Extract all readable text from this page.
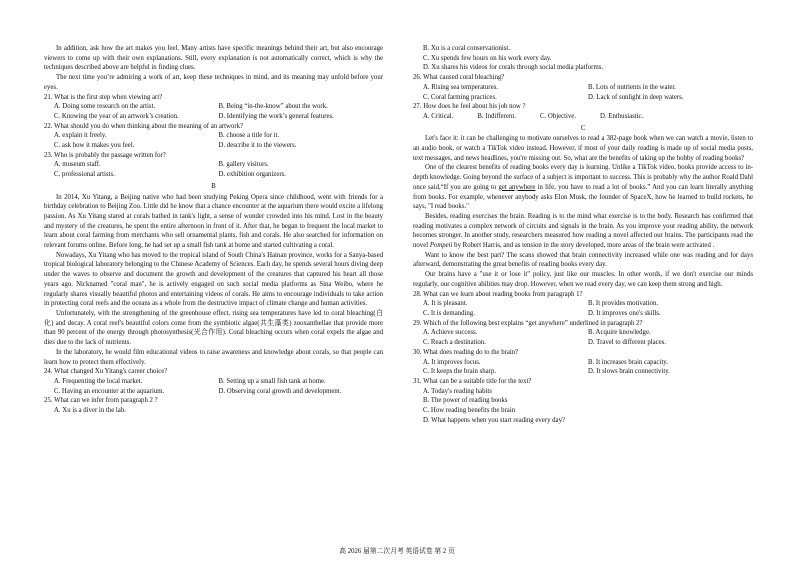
In addition, ask how the art makes you feel. Many artists have specific meanings behind their art, but also encourage viewers to come up with their own explanations. Still, every explanation is not automatically correct, which is why the techniques described above are helpful in finding clues.

The next time you’re admiring a work of art, keep these techniques in mind, and its meaning may unfold before your eyes.

21. What is the first step when viewing art?

A. Doing some research on the artist.	B. Being “in-the-know” about the work.
C. Knowing the year of an artwork’s creation.	D. Identifying the work’s general features.

22. What should you do when thinking about the meaning of an artwork?

A. explain it freely.	B. choose a title for it.
C. ask how it makes you feel.	D. describe it to the viewers.

23. Who is probably the passage written for?

A. museum staff.	B. gallery visitors.
C. professional artists.	D. exhibition organizers.
B

In 2014, Xu Yitang, a Beijing native who had been studying Peking Opera since childhood, went with friends for a birthday celebration to Beijing Zoo. Little did he know that a chance encounter at the aquarium there would excite a lifelong passion. As Xu Yitang stared at corals bathed in tank's light, a sense of wonder crowded into his mind. Lost in the beauty and mystery of the creatures, he spent the entire afternoon in front of it. After that, he began to frequent the local market to learn about coral farming from merchants who sell ornamental plants, fish and corals. He also searched for information on relevant forums online. Before long, he had set up a small fish tank at home and started cultivating a coral.

Nowadays, Xu Yitang who has moved to the tropical island of South China's Hainan province, works for a Sanya-based tropical biological laboratory belonging to the Chinese Academy of Sciences. Each day, he spends several hours diving deep under the waves to observe and document the growth and development of the creatures that captured his heart all those years ago. Nicknamed "coral man", he is actively engaged on such social media platforms as Sina Weibo, where he regularly shares visually beautiful photos and entertaining videos of corals. He aims to encourage individuals to take action in protecting coral reefs and the oceans as a whole from the destructive impact of climate change and human activities.

Unfortunately, with the strengthening of the greenhouse effect, rising sea temperatures have led to coral bleaching(白化) and decay. A coral reef's beautiful colors come from the symbiotic algae(共生藻类) zooxanthellae that provide more than 90 percent of the energy through photosynthesis(光合作用). Coral bleaching occurs when coral expels the algae and dies due to the lack of nutrients.

In the laboratory, he would film educational videos to raise awareness and knowledge about corals, so that people can learn how to protect them effectively.

24. What changed Xu Yitang's career choice?

A. Frequenting the local market.	B. Setting up a small fish tank at home.
C. Having an encounter at the aquarium.	D. Observing coral growth and development.

25. What can we infer from paragraph 2 ?

A. Xu is a diver in the lab.
B. Xu is a coral conservationist.
C. Xu spends few hours on his work every day.
D. Xu shares his videos for corals through social media platforms.

26. What caused coral bleaching?

A. Rising sea temperatures.	B. Lots of nutrients in the water.
C. Coral farming practices.	D. Lack of sunlight in deep waters.

27. How does he feel about his job now ?

A. Critical.	B. Indifferent.	C. Objective.	D. Enthusiastic.
C

Let's face it: it can be challenging to motivate ourselves to read a 382-page book when we can watch a movie, listen to an audio book, or watch a TikTok video instead. However, if most of your daily reading is made up of social media posts, text messages, and news headlines, you're missing out. So, what are the benefits of taking up the hobby of reading books?

One of the clearest benefits of reading books every day is learning. Unlike a TikTok video, books provide access to in-depth knowledge. Going beyond the surface of a subject is important to success. This is probably why the author Roald Dahl once said,“If you are going to get anywhere in life, you have to read a lot of books.” And you can learn literally anything from books. For example, whenever anybody asks Elon Musk, the founder of SpaceX, how he learned to build rockets, he says, "I read books."

Besides, reading exercises the brain. Reading is to the mind what exercise is to the body. Research has confirmed that reading motivates a complex network of circuits and signals in the brain. As you improve your reading ability, the network becomes stronger. In another study, researchers measured how reading a novel affected our brains. The participants read the novel Pompeii by Robert Harris, and as tension in the story developed, more areas of the brain were activated .

Want to know the best part? The scans showed that brain connectivity increased while one was reading and for days afterward, demonstrating the great benefits of reading books every day.

Our brains have a "use it or lose it" policy, just like our muscles. In other words, if we don't exercise our minds regularly, our cognitive abilities may drop. However, when we read every day, we can keep them strong and high.

28. What can we learn about reading books from paragraph 1?

A. It is pleasant.	B. It provides motivation.
C. It is demanding.	D. It improves one's skills.

29. Which of the following best explains “get anywhere” underlined in paragraph 2?

A. Achieve success.	B. Acquire knowledge.
C. Reach a destination.	D. Travel to different places.

30. What does reading do to the brain?

A. It improves focus.	B. It increases brain capacity.
C. It keeps the brain sharp.	D. It slows brain connectivity.

31. What can be a suitable title for the text?

A. Today's reading habits
B. The power of reading books
C. How reading benefits the brain
D. What happens when you start reading every day?
高 2026 届第二次月考 英语试卷 第 2 页
